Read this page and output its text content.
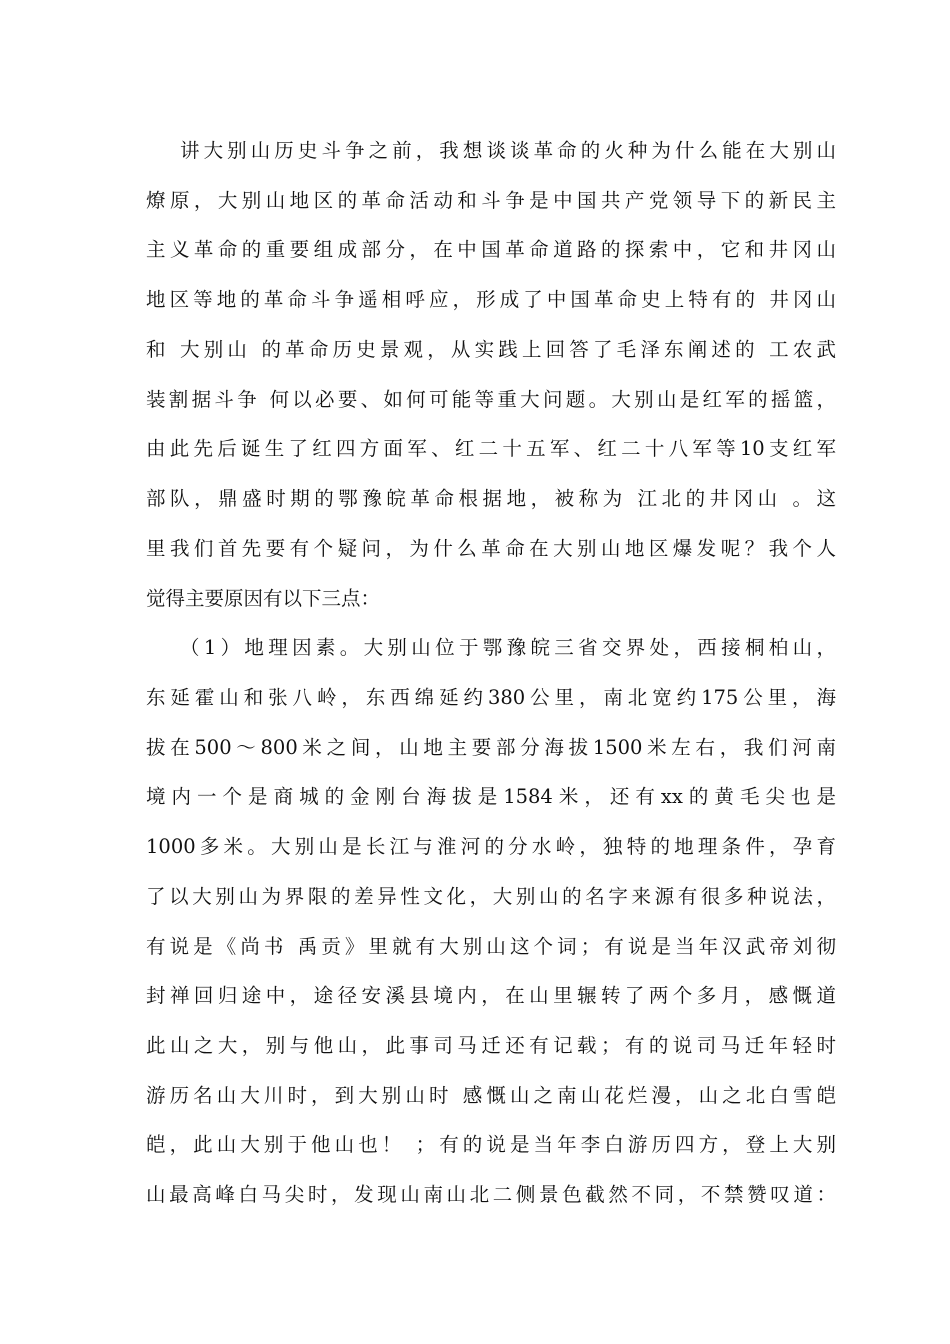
讲大别山历史斗争之前，我想谈谈革命的火种为什么能在大别山
燎原，大别山地区的革命活动和斗争是中国共产党领导下的新民主
主义革命的重要组成部分，在中国革命道路的探索中，它和井冈山
地区等地的革命斗争遥相呼应，形成了中国革命史上特有的 井冈山
和 大别山 的革命历史景观，从实践上回答了毛泽东阐述的 工农武
装割据斗争 何以必要、如何可能等重大问题。大别山是红军的摇篮，
由此先后诞生了红四方面军、红二十五军、红二十八军等10支红军
部队，鼎盛时期的鄂豫皖革命根据地，被称为 江北的井冈山 。这
里我们首先要有个疑问，为什么革命在大别山地区爆发呢？我个人
觉得主要原因有以下三点：
（1）地理因素。大别山位于鄂豫皖三省交界处，西接桐柏山，
东延霍山和张八岭，东西绵延约380公里，南北宽约175公里，海
拔在500～800米之间，山地主要部分海拔1500米左右，我们河南
境内一个是商城的金刚台海拔是1584米，还有xx的黄毛尖也是
1000多米。大别山是长江与淮河的分水岭，独特的地理条件，孕育
了以大别山为界限的差异性文化，大别山的名字来源有很多种说法，
有说是《尚书 禹贡》里就有大别山这个词；有说是当年汉武帝刘彻
封禅回归途中，途径安溪县境内，在山里辗转了两个多月，感慨道
此山之大，别与他山，此事司马迁还有记载；有的说司马迁年轻时
游历名山大川时，到大别山时 感慨山之南山花烂漫，山之北白雪皑
皑，此山大别于他山也！ ；有的说是当年李白游历四方，登上大别
山最高峰白马尖时，发现山南山北二侧景色截然不同，不禁赞叹道：
